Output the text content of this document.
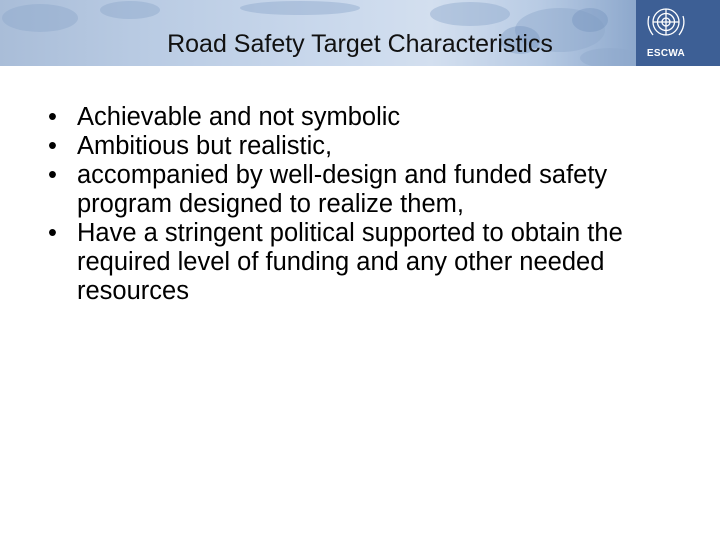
Road Safety Target Characteristics	ESCWA
• Achievable and not symbolic
• Ambitious but realistic,
• accompanied by well-design and funded safety program designed to realize them,
• Have a stringent political supported to obtain the required level of funding and any other needed resources
